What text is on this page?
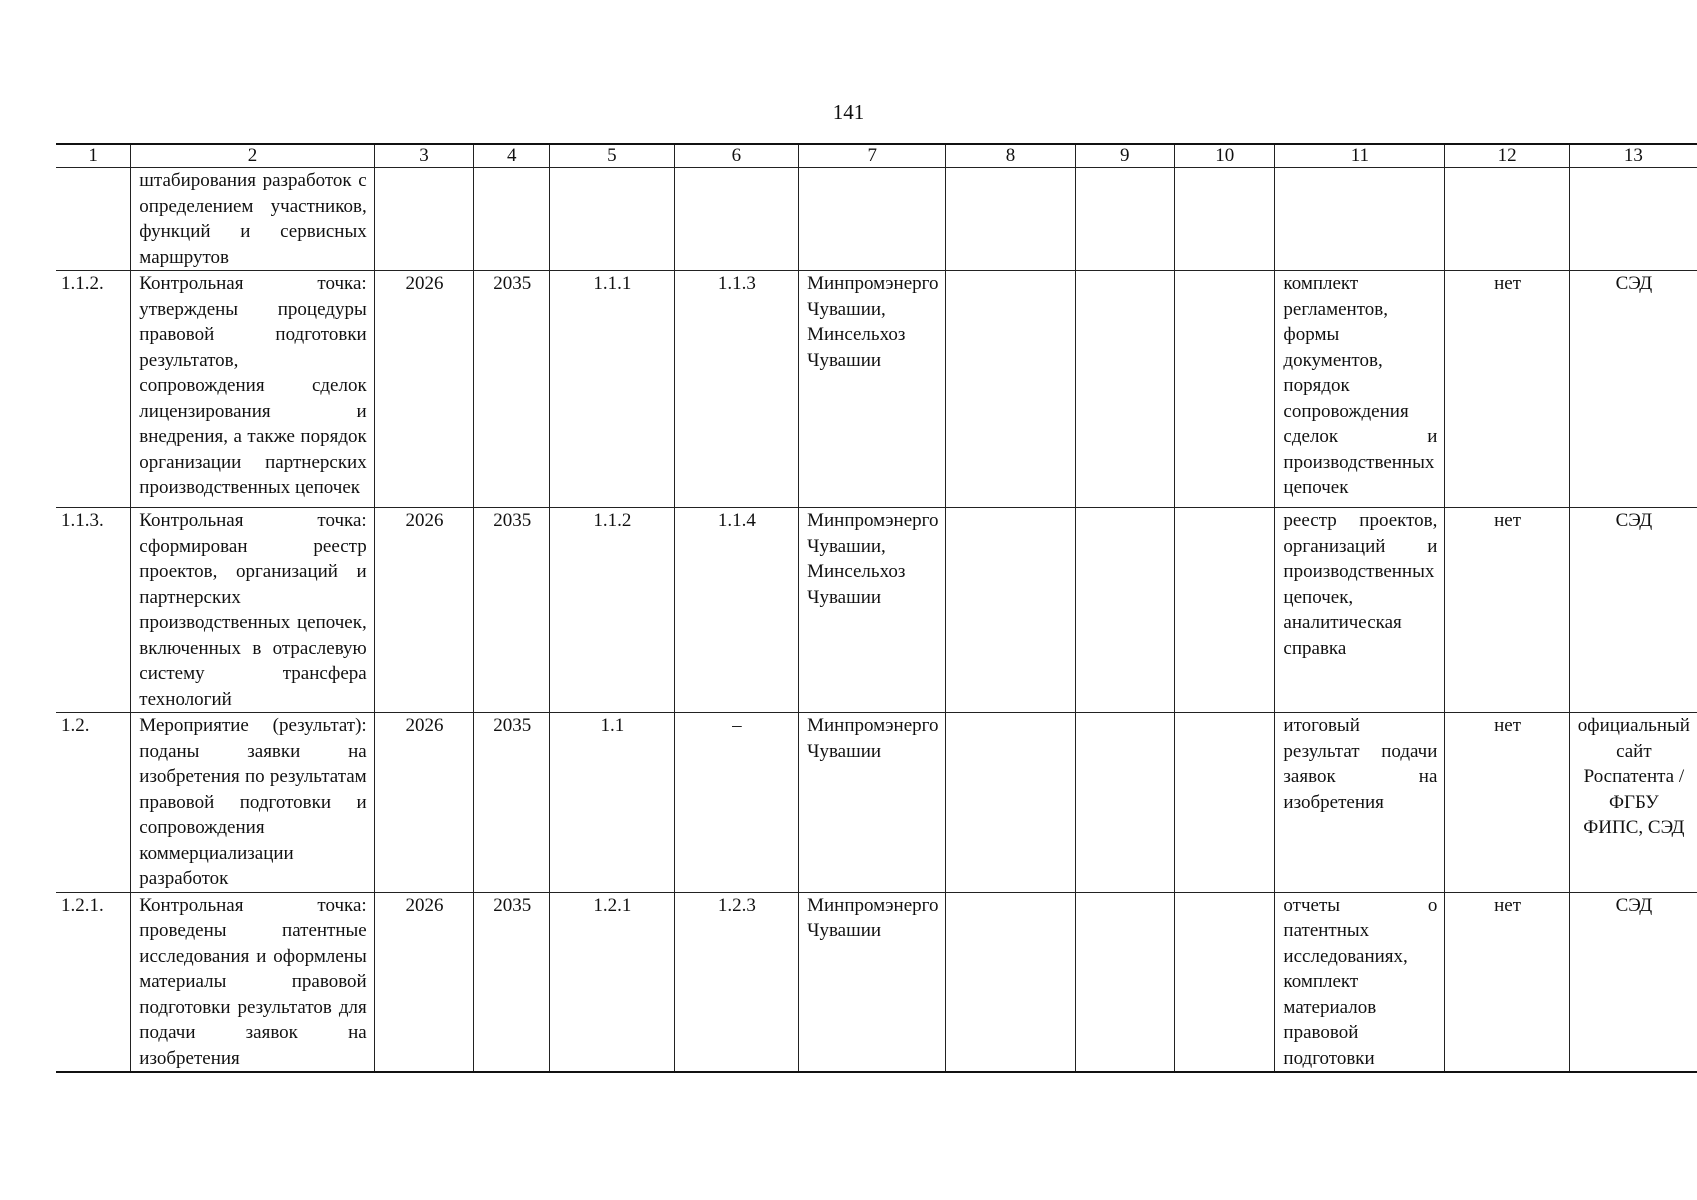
141
1	2	3	4	5	6	7	8	9	10	11	12	13
	штабирования разработок с определением участников, функций и сервисных маршрутов											
1.1.2.	Контрольная точка: утверждены процедуры правовой подготовки результатов, сопровождения сделок лицензирования и внедрения, а также порядок организации партнерских производственных цепочек	2026	2035	1.1.1	1.1.3	Минпромэнерго Чувашии, Минсельхоз Чувашии				комплект регламентов, формы документов, порядок сопровождения сделок и производственных цепочек	нет	СЭД
1.1.3.	Контрольная точка: сформирован реестр проектов, организаций и партнерских производственных цепочек, включенных в отраслевую систему трансфера технологий	2026	2035	1.1.2	1.1.4	Минпромэнерго Чувашии, Минсельхоз Чувашии				реестр проектов, организаций и производственных цепочек, аналитическая справка	нет	СЭД
1.2.	Мероприятие (результат): поданы заявки на изобретения по результатам правовой подготовки и сопровождения коммерциализации разработок	2026	2035	1.1	–	Минпромэнерго Чувашии				итоговый результат подачи заявок на изобретения	нет	официальный сайт Роспатента / ФГБУ ФИПС, СЭД
1.2.1.	Контрольная точка: проведены патентные исследования и оформлены материалы правовой подготовки результатов для подачи заявок на изобретения	2026	2035	1.2.1	1.2.3	Минпромэнерго Чувашии				отчеты о патентных исследованиях, комплект материалов правовой подготовки	нет	СЭД
